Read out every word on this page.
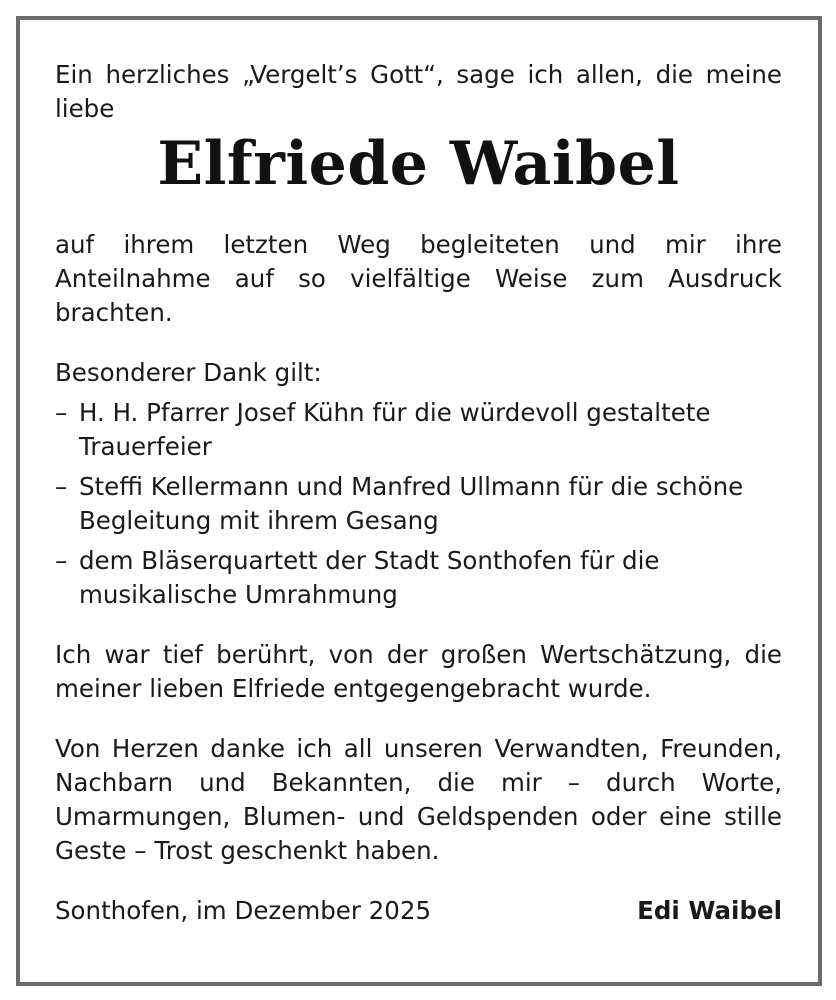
Ein herzliches „Vergelt’s Gott“, sage ich allen, die meine liebe

Elfriede Waibel

auf ihrem letzten Weg begleiteten und mir ihre Anteilnahme auf so vielfältige Weise zum Ausdruck brachten.

Besonderer Dank gilt:

– H. H. Pfarrer Josef Kühn für die würdevoll gestaltete Trauerfeier
– Steffi Kellermann und Manfred Ullmann für die schöne Begleitung mit ihrem Gesang
– dem Bläserquartett der Stadt Sonthofen für die musikalische Umrahmung

Ich war tief berührt, von der großen Wertschätzung, die meiner lieben Elfriede entgegengebracht wurde.

Von Herzen danke ich all unseren Verwandten, Freunden, Nachbarn und Bekannten, die mir – durch Worte, Umarmungen, Blumen- und Geldspenden oder eine stille Geste – Trost geschenkt haben.

Sonthofen, im Dezember 2025	Edi Waibel
